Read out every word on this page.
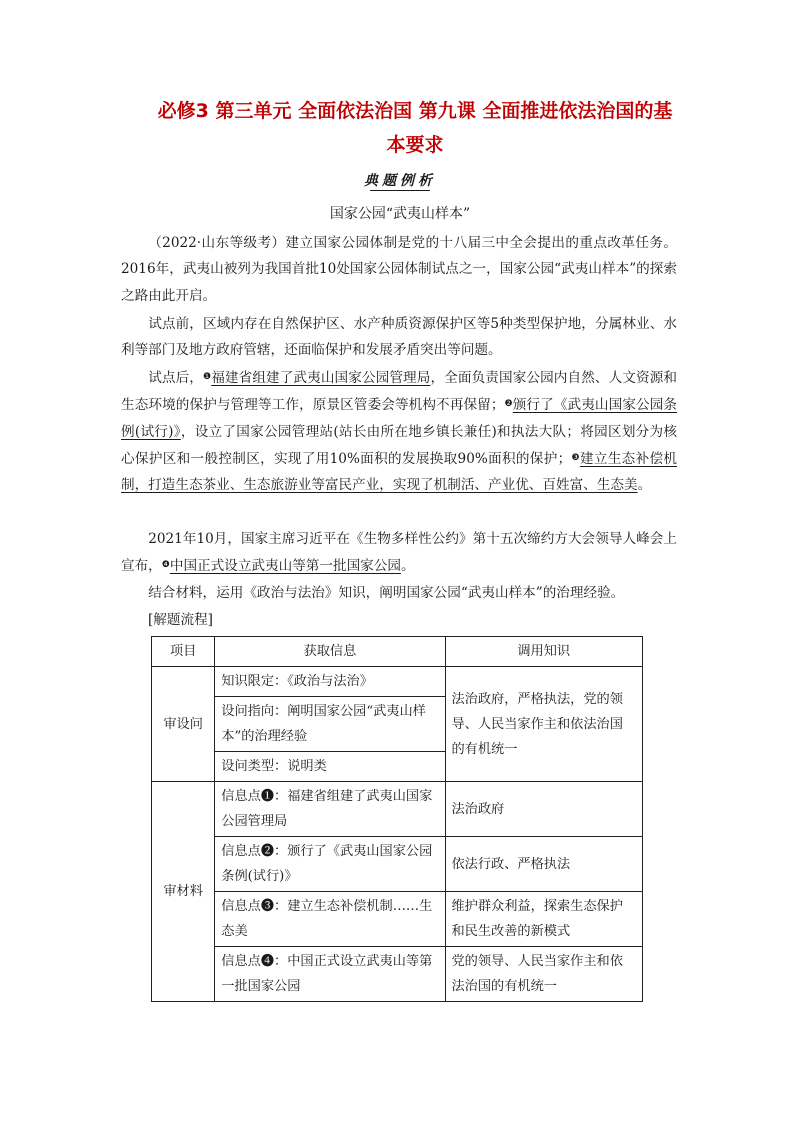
必修3 第三单元 全面依法治国 第九课 全面推进依法治国的基
本要求
典题例析
国家公园“武夷山样本”
（2022·山东等级考）建立国家公园体制是党的十八届三中全会提出的重点改革任务。2016年，武夷山被列为我国首批10处国家公园体制试点之一，国家公园“武夷山样本”的探索之路由此开启。
试点前，区域内存在自然保护区、水产种质资源保护区等5种类型保护地，分属林业、水利等部门及地方政府管辖，还面临保护和发展矛盾突出等问题。
试点后，$^❶$福建省组建了武夷山国家公园管理局，全面负责国家公园内自然、人文资源和生态环境的保护与管理等工作，原景区管委会等机构不再保留；$^❷$颁行了《武夷山国家公园条例(试行)》，设立了国家公园管理站(站长由所在地乡镇长兼任)和执法大队；将园区划分为核心保护区和一般控制区，实现了用10%面积的发展换取90%面积的保护；$^❸$建立生态补偿机制，打造生态茶业、生态旅游业等富民产业，实现了机制活、产业优、百姓富、生态美。
2021年10月，国家主席习近平在《生物多样性公约》第十五次缔约方大会领导人峰会上宣布，$^❹$中国正式设立武夷山等第一批国家公园。
结合材料，运用《政治与法治》知识，阐明国家公园“武夷山样本”的治理经验。
[解题流程]
项目	获取信息	调用知识
审设问	知识限定：《政治与法治》	法治政府，严格执法，党的领导、人民当家作主和依法治国的有机统一
	设问指向：阐明国家公园“武夷山样本”的治理经验	
	设问类型：说明类	
审材料	信息点❶：福建省组建了武夷山国家公园管理局	法治政府
	信息点❷：颁行了《武夷山国家公园条例(试行)》	依法行政、严格执法
	信息点❸：建立生态补偿机制……生态美	维护群众利益，探索生态保护和民生改善的新模式
	信息点❹：中国正式设立武夷山等第一批国家公园	党的领导、人民当家作主和依法治国的有机统一
